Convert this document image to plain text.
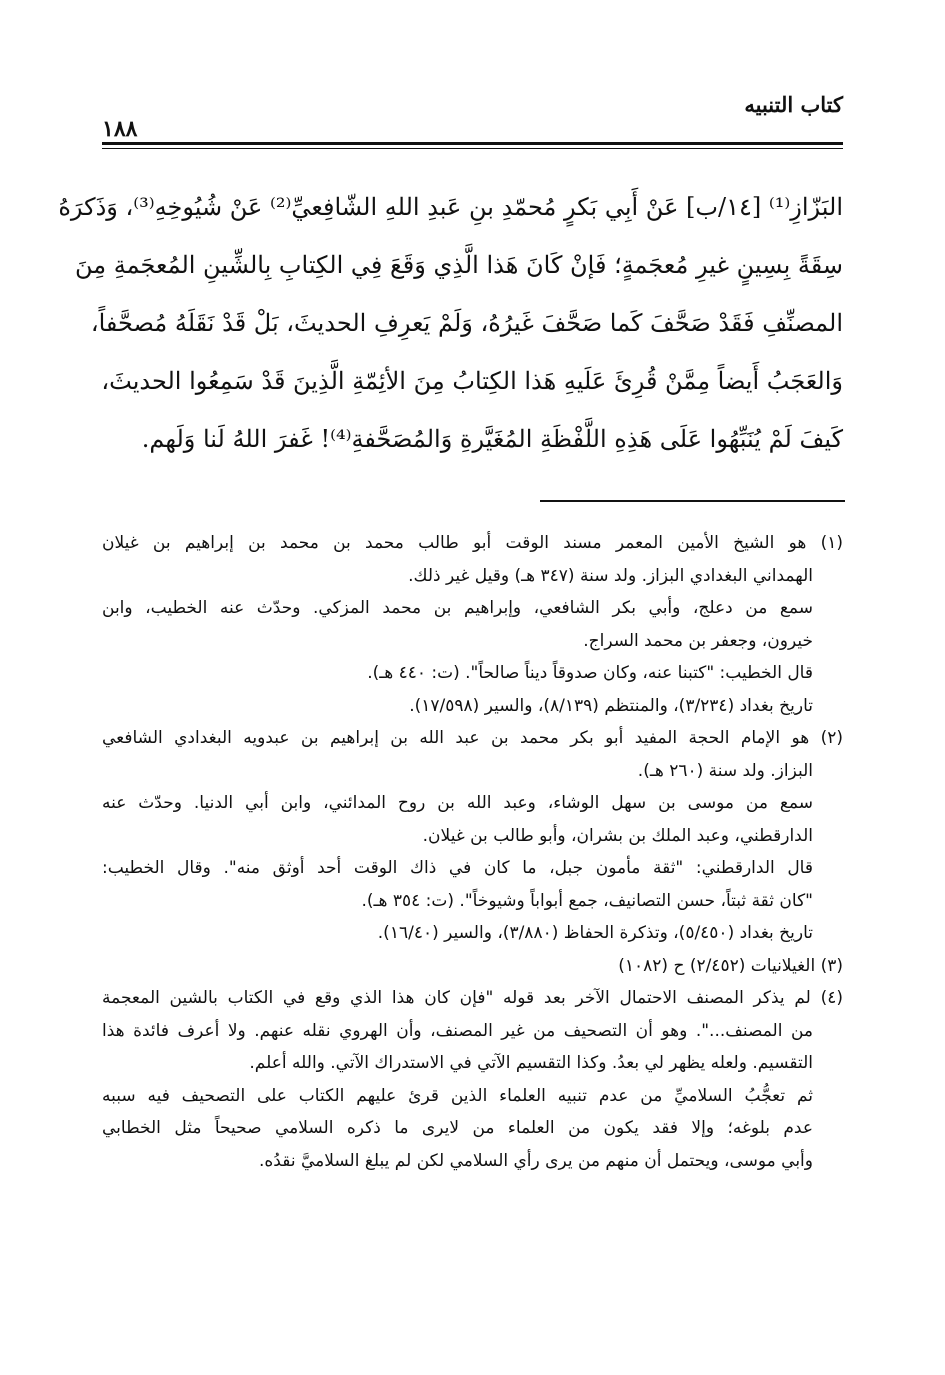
كتاب التنبيه
١٨٨
البَزّازِ⁽¹⁾ [١٤/ب] عَنْ أَبِي بَكرٍ مُحمّدِ بنِ عَبدِ اللهِ الشّافِعيِّ⁽²⁾ عَنْ شُيُوخِهِ⁽³⁾، وَذَكرَهُ
سِقَةً بِسِينٍ غيرِ مُعجَمةٍ؛ فَإنْ كَانَ هَذا الَّذِي وَقَعَ فِي الكِتابِ بِالشِّينِ المُعجَمةِ مِنَ
المصنِّفِ فَقَدْ صَحَّفَ كَما صَحَّفَ غَيرُهُ، وَلَمْ يَعرِفِ الحديثَ، بَلْ قَدْ نَقَلَهُ مُصحَّفاً،
وَالعَجَبُ أَيضاً مِمَّنْ قُرِئَ عَلَيهِ هَذا الكِتابُ مِنَ الأئِمّةِ الَّذِينَ قَدْ سَمِعُوا الحديثَ،
كَيفَ لَمْ يُنَبِّهُوا عَلَى هَذِهِ اللَّفْظَةِ المُغَيَّرةِ وَالمُصَحَّفةِ⁽⁴⁾! غَفرَ اللهُ لَنا وَلَهم.
(١) هو الشيخ الأمين المعمر مسند الوقت أبو طالب محمد بن محمد بن إبراهيم بن غيلان
الهمداني البغدادي البزاز. ولد سنة (٣٤٧ هـ) وقيل غير ذلك.
سمع من دعلج، وأبي بكر الشافعي، وإبراهيم بن محمد المزكي. وحدّث عنه الخطيب، وابن
خيرون، وجعفر بن محمد السراج.
قال الخطيب: "كتبنا عنه، وكان صدوقاً ديناً صالحاً". (ت: ٤٤٠ هـ).
تاريخ بغداد (٣/٢٣٤)، والمنتظم (٨/١٣٩)، والسير (١٧/٥٩٨).
(٢) هو الإمام الحجة المفيد أبو بكر محمد بن عبد الله بن إبراهيم بن عبدويه البغدادي الشافعي
البزاز. ولد سنة (٢٦٠ هـ).
سمع من موسى بن سهل الوشاء، وعبد الله بن روح المدائني، وابن أبي الدنيا. وحدّث عنه
الدارقطني، وعبد الملك بن بشران، وأبو طالب بن غيلان.
قال الدارقطني: "ثقة مأمون جبل، ما كان في ذاك الوقت أحد أوثق منه". وقال الخطيب:
"كان ثقة ثبتاً، حسن التصانيف، جمع أبواباً وشيوخاً". (ت: ٣٥٤ هـ).
تاريخ بغداد (٥/٤٥٠)، وتذكرة الحفاظ (٣/٨٨٠)، والسير (١٦/٤٠).
(٣) الغيلانيات (٢/٤٥٢) ح (١٠٨٢)
(٤) لم يذكر المصنف الاحتمال الآخر بعد قوله "فإن كان هذا الذي وقع في الكتاب بالشين المعجمة
من المصنف...". وهو أن التصحيف من غير المصنف، وأن الهروي نقله عنهم. ولا أعرف فائدة هذا
التقسيم. ولعله يظهر لي بعدُ. وكذا التقسيم الآتي في الاستدراك الآتي. والله أعلم.
ثم تعجُّبُ السلاميِّ من عدم تنبيه العلماء الذين قرئ عليهم الكتاب على التصحيف فيه سببه
عدم بلوغه؛ وإلا فقد يكون من العلماء من لايرى ما ذكره السلامي صحيحاً مثل الخطابي
وأبي موسى، ويحتمل أن منهم من يرى رأي السلامي لكن لم يبلغ السلاميَّ نقدُه.
